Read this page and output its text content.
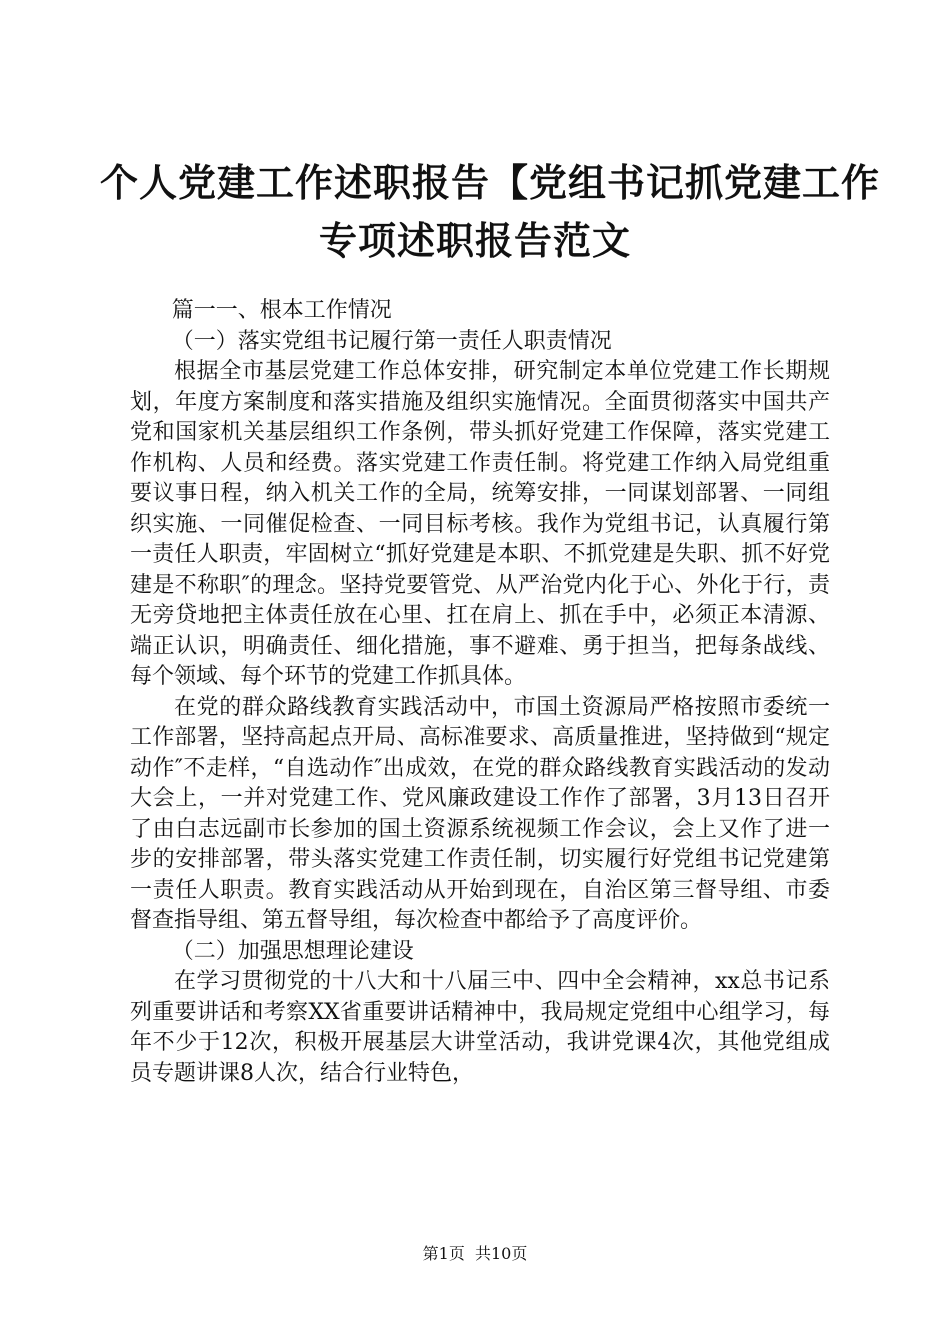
个人党建工作述职报告【党组书记抓党建工作
专项述职报告范文

篇一一、根本工作情况

（一）落实党组书记履行第一责任人职责情况

根据全市基层党建工作总体安排，研究制定本单位党建工作长期规划，年度方案制度和落实措施及组织实施情况。全面贯彻落实中国共产党和国家机关基层组织工作条例，带头抓好党建工作保障，落实党建工作机构、人员和经费。落实党建工作责任制。将党建工作纳入局党组重要议事日程，纳入机关工作的全局，统筹安排，一同谋划部署、一同组织实施、一同催促检查、一同目标考核。我作为党组书记，认真履行第一责任人职责，牢固树立“抓好党建是本职、不抓党建是失职、抓不好党建是不称职″的理念。坚持党要管党、从严治党内化于心、外化于行，责无旁贷地把主体责任放在心里、扛在肩上、抓在手中，必须正本清源、端正认识，明确责任、细化措施，事不避难、勇于担当，把每条战线、每个领域、每个环节的党建工作抓具体。

在党的群众路线教育实践活动中，市国土资源局严格按照市委统一工作部署，坚持高起点开局、高标准要求、高质量推进，坚持做到“规定动作″不走样，“自选动作″出成效，在党的群众路线教育实践活动的发动大会上，一并对党建工作、党风廉政建设工作作了部署，3月13日召开了由白志远副市长参加的国土资源系统视频工作会议，会上又作了进一步的安排部署，带头落实党建工作责任制，切实履行好党组书记党建第一责任人职责。教育实践活动从开始到现在，自治区第三督导组、市委督查指导组、第五督导组，每次检查中都给予了高度评价。

（二）加强思想理论建设

在学习贯彻党的十八大和十八届三中、四中全会精神，xx总书记系列重要讲话和考察XX省重要讲话精神中，我局规定党组中心组学习，每年不少于12次，积极开展基层大讲堂活动，我讲党课4次，其他党组成员专题讲课8人次，结合行业特色，

第1页  共10页
